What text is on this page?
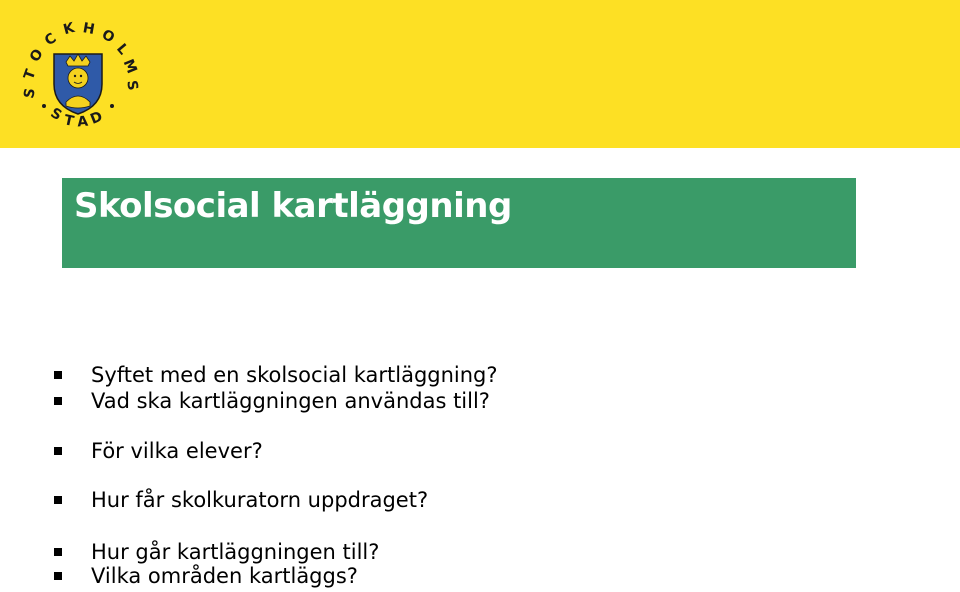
S
T
O
C
K H O
L
M
S
S
T A D
Skolsocial kartläggning
Syftet med en skolsocial kartläggning?
Vad ska kartläggningen användas till?
För vilka elever?
Hur får skolkuratorn uppdraget?
Hur går kartläggningen till?
Vilka områden kartläggs?
